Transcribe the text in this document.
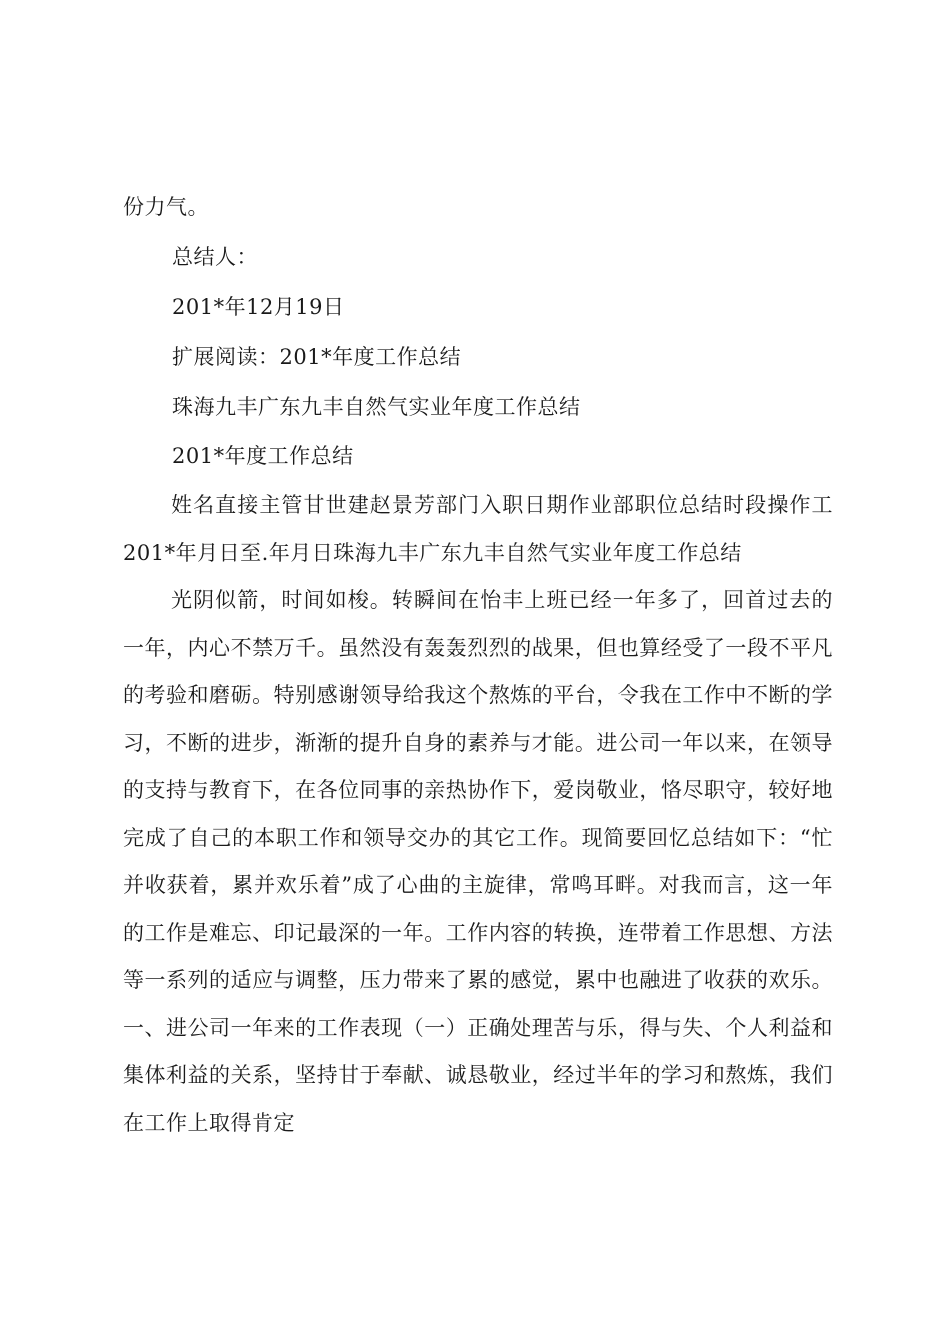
份力气。
总结人：
201*年12月19日
扩展阅读：201*年度工作总结
珠海九丰广东九丰自然气实业年度工作总结
201*年度工作总结
姓名直接主管甘世建赵景芳部门入职日期作业部职位总结时段操作工201*年月日至.年月日珠海九丰广东九丰自然气实业年度工作总结
光阴似箭，时间如梭。转瞬间在怡丰上班已经一年多了，回首过去的一年，内心不禁万千。虽然没有轰轰烈烈的战果，但也算经受了一段不平凡的考验和磨砺。特别感谢领导给我这个熬炼的平台，令我在工作中不断的学习，不断的进步，渐渐的提升自身的素养与才能。进公司一年以来，在领导的支持与教育下，在各位同事的亲热协作下，爱岗敬业，恪尽职守，较好地完成了自己的本职工作和领导交办的其它工作。现简要回忆总结如下：“忙并收获着，累并欢乐着”成了心曲的主旋律，常鸣耳畔。对我而言，这一年的工作是难忘、印记最深的一年。工作内容的转换，连带着工作思想、方法等一系列的适应与调整，压力带来了累的感觉，累中也融进了收获的欢乐。一、进公司一年来的工作表现（一）正确处理苦与乐，得与失、个人利益和集体利益的关系，坚持甘于奉献、诚恳敬业，经过半年的学习和熬炼，我们在工作上取得肯定
